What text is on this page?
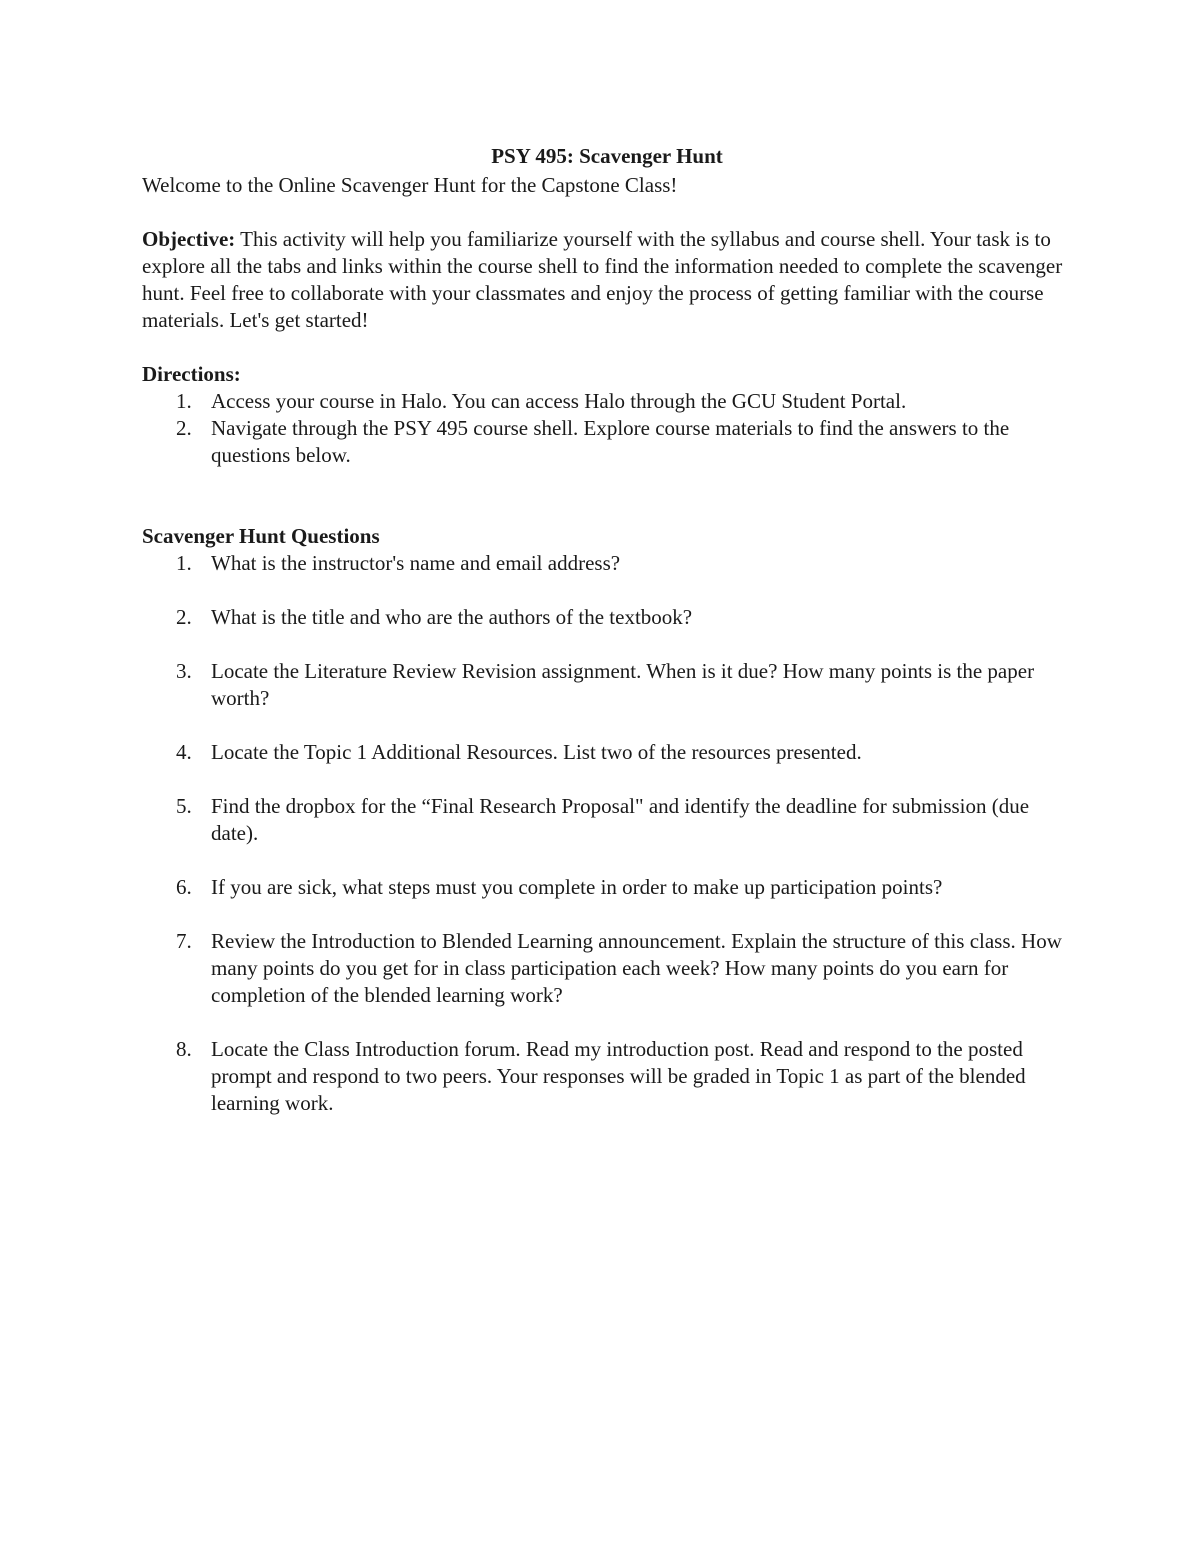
PSY 495: Scavenger Hunt

Welcome to the Online Scavenger Hunt for the Capstone Class!

Objective: This activity will help you familiarize yourself with the syllabus and course shell. Your task is to explore all the tabs and links within the course shell to find the information needed to complete the scavenger hunt. Feel free to collaborate with your classmates and enjoy the process of getting familiar with the course materials. Let's get started!

Directions:

1. Access your course in Halo. You can access Halo through the GCU Student Portal.
2. Navigate through the PSY 495 course shell. Explore course materials to find the answers to the questions below.

Scavenger Hunt Questions

1. What is the instructor's name and email address?
2. What is the title and who are the authors of the textbook?
3. Locate the Literature Review Revision assignment. When is it due? How many points is the paper worth?
4. Locate the Topic 1 Additional Resources. List two of the resources presented.
5. Find the dropbox for the “Final Research Proposal" and identify the deadline for submission (due date).
6. If you are sick, what steps must you complete in order to make up participation points?
7. Review the Introduction to Blended Learning announcement. Explain the structure of this class. How many points do you get for in class participation each week? How many points do you earn for completion of the blended learning work?
8. Locate the Class Introduction forum. Read my introduction post. Read and respond to the posted prompt and respond to two peers. Your responses will be graded in Topic 1 as part of the blended learning work.
